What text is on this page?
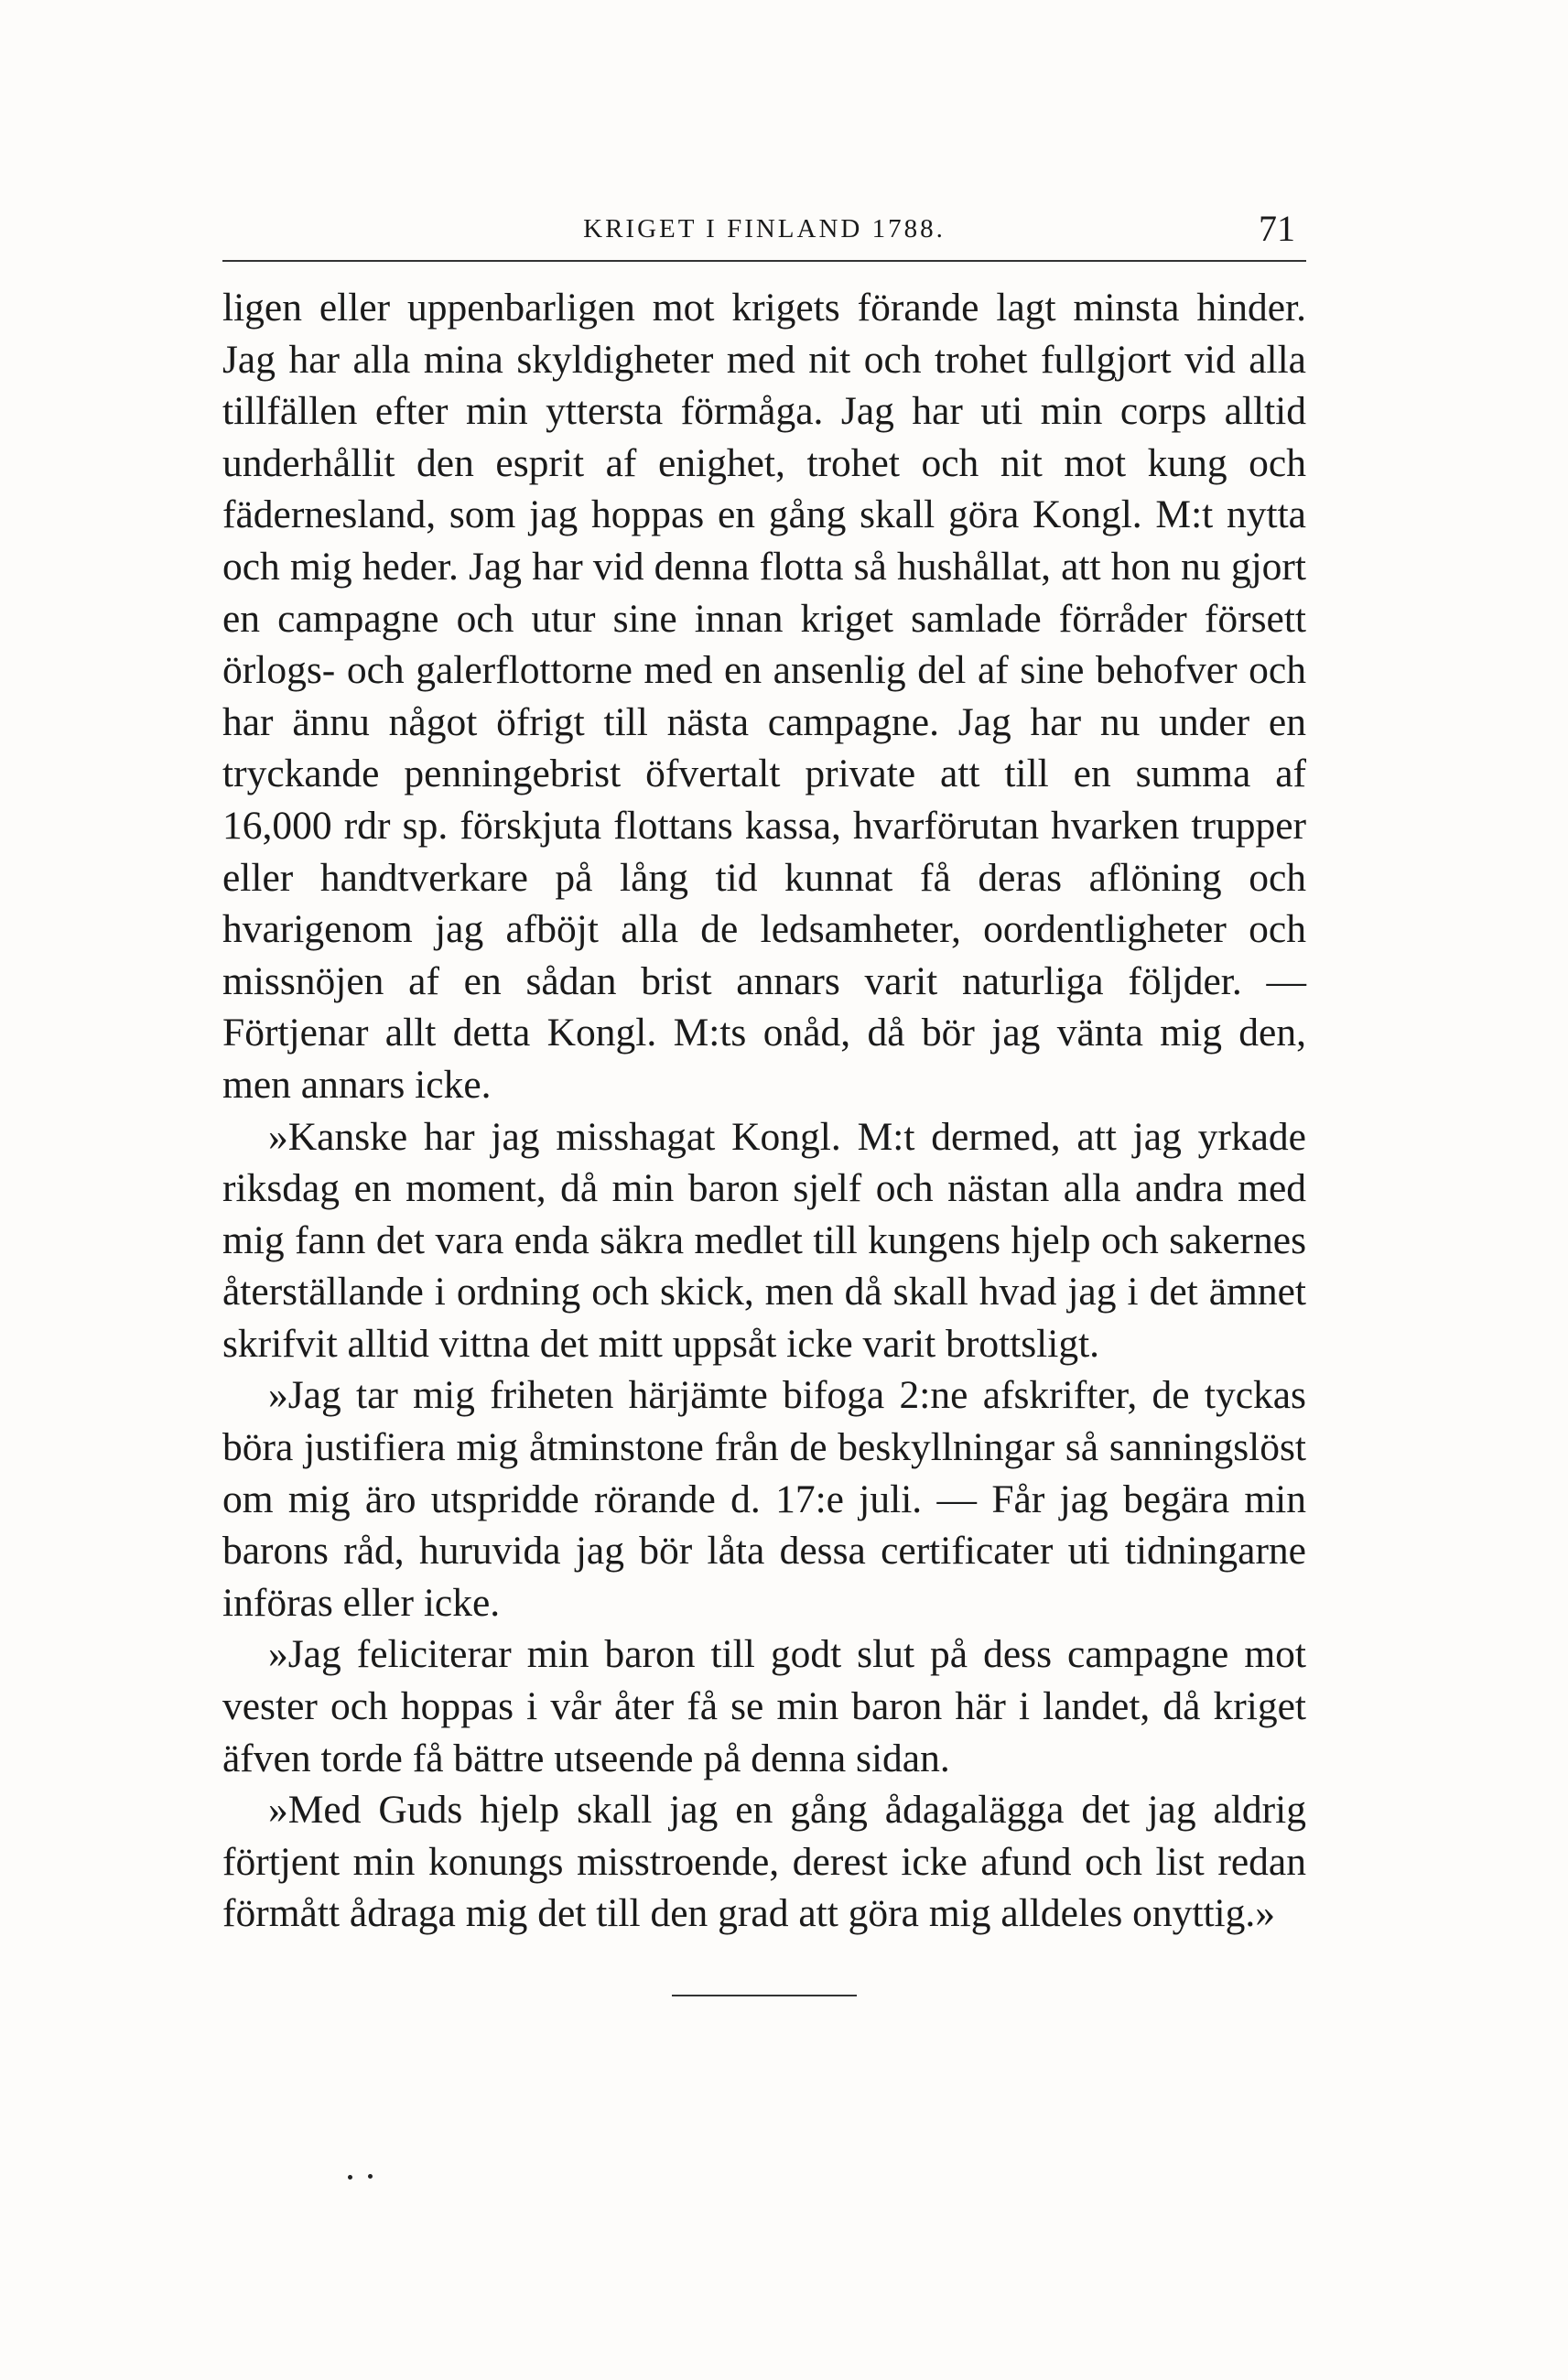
KRIGET I FINLAND 1788.	71

ligen eller uppenbarligen mot krigets förande lagt minsta hinder. Jag har alla mina skyldigheter med nit och trohet fullgjort vid alla tillfällen efter min yttersta förmåga. Jag har uti min corps alltid underhållit den esprit af enighet, trohet och nit mot kung och fädernesland, som jag hoppas en gång skall göra Kongl. M:t nytta och mig heder. Jag har vid denna flotta så hushållat, att hon nu gjort en campagne och utur sine innan kriget samlade förråder försett örlogs- och galerflottorne med en ansenlig del af sine behofver och har ännu något öfrigt till nästa campagne. Jag har nu under en tryckande penningebrist öfvertalt private att till en summa af 16,000 rdr sp. förskjuta flottans kassa, hvarförutan hvarken trupper eller handtverkare på lång tid kunnat få deras aflöning och hvarigenom jag afböjt alla de ledsamheter, oordentligheter och missnöjen af en sådan brist annars varit naturliga följder. — Förtjenar allt detta Kongl. M:ts onåd, då bör jag vänta mig den, men annars icke.

»Kanske har jag misshagat Kongl. M:t dermed, att jag yrkade riksdag en moment, då min baron sjelf och nästan alla andra med mig fann det vara enda säkra medlet till kungens hjelp och sakernes återställande i ordning och skick, men då skall hvad jag i det ämnet skrifvit alltid vittna det mitt uppsåt icke varit brottsligt.

»Jag tar mig friheten härjämte bifoga 2:ne afskrifter, de tyckas böra justifiera mig åtminstone från de beskyllningar så sanningslöst om mig äro utspridde rörande d. 17:e juli. — Får jag begära min barons råd, huruvida jag bör låta dessa certificater uti tidningarne införas eller icke.

»Jag feliciterar min baron till godt slut på dess campagne mot vester och hoppas i vår åter få se min baron här i landet, då kriget äfven torde få bättre utseende på denna sidan.

»Med Guds hjelp skall jag en gång ådagalägga det jag aldrig förtjent min konungs misstroende, derest icke afund och list redan förmått ådraga mig det till den grad att göra mig alldeles onyttig.»
